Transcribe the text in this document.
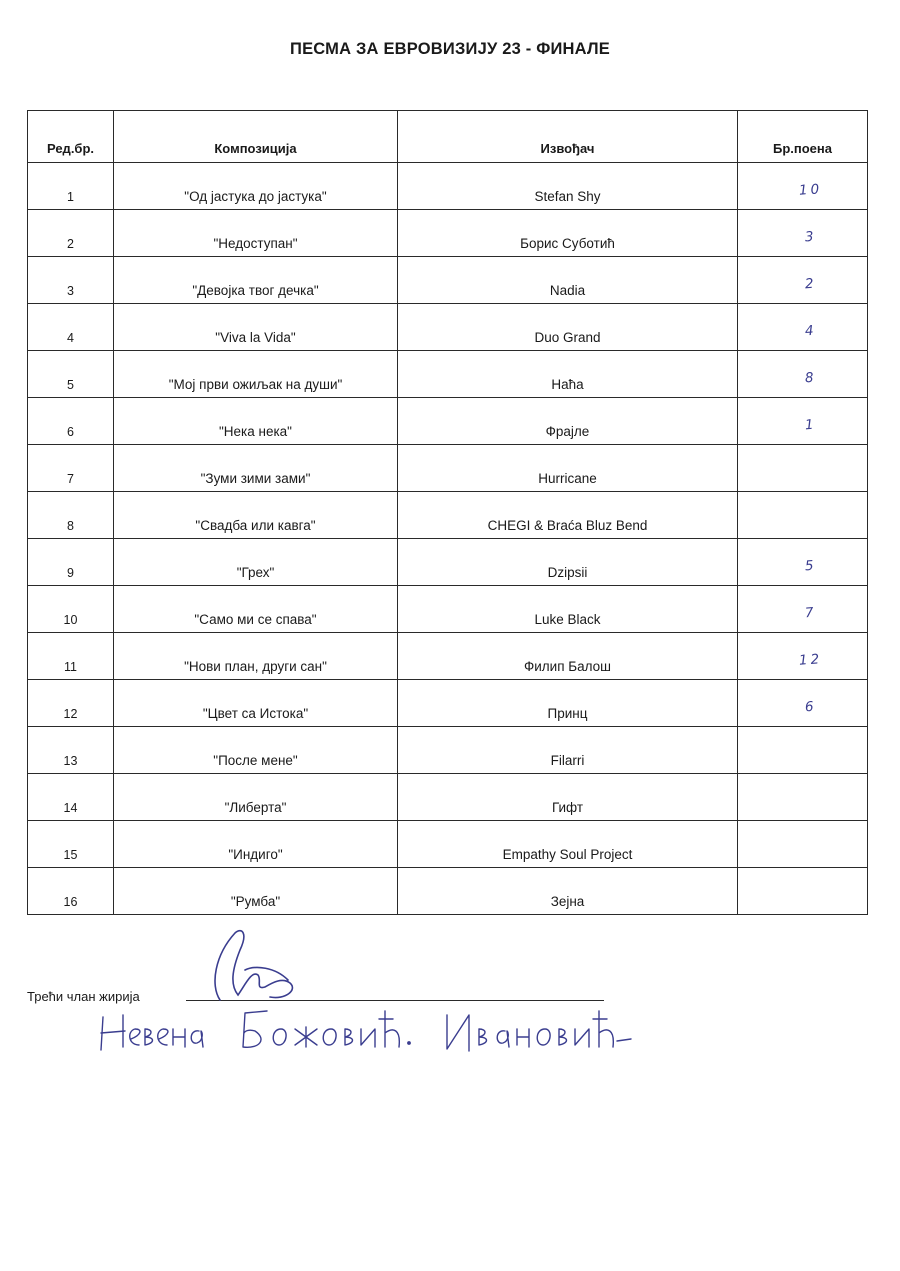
ПЕСМА ЗА ЕВРОВИЗИЈУ 23 - ФИНАЛЕ
Ред.бр.	Композиција	Извођач	Бр.поена
1	"Од јастука до јастука"	Stefan Shy	10
2	"Недоступан"	Борис Суботић	3
3	"Девојка твог дечка"	Nadia	2
4	"Viva la Vida"	Duo Grand	4
5	"Мој први ожиљак на души"	Наћа	8
6	"Нека нека"	Фрајле	1
7	"Зуми зими зами"	Hurricane	
8	"Свадба или кавга"	CHEGI & Braća Bluz Bend	
9	"Грех"	Dzipsii	5
10	"Само ми се спава"	Luke Black	7
11	"Нови план, други сан"	Филип Балош	12
12	"Цвет са Истока"	Принц	6
13	"После мене"	Filarri	
14	"Либерта"	Гифт	
15	"Индиго"	Empathy Soul Project	
16	"Румба"	Зејна	
Трећи члан жирија
